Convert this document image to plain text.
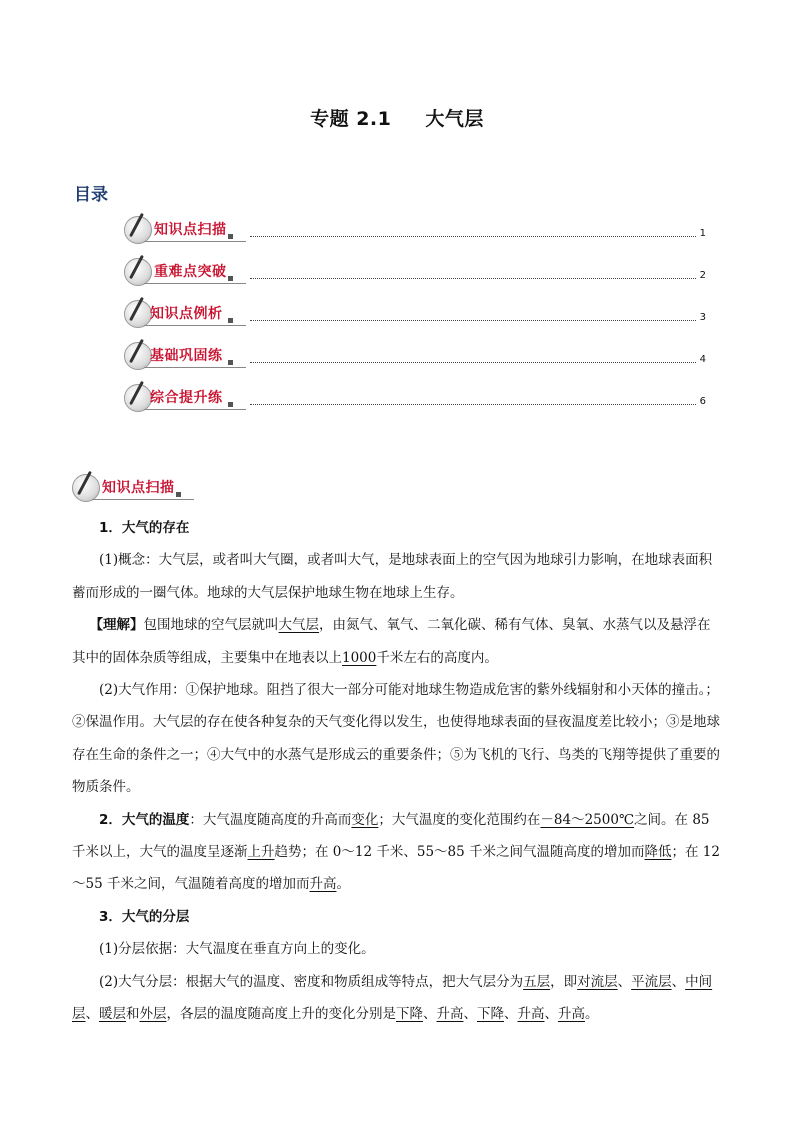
专题 2.1 大气层
目录
知识点扫描	1
重难点突破	2
知识点例析	3
基础巩固练	4
综合提升练	6
知识点扫描

1．大气的存在

(1)概念：大气层，或者叫大气圈，或者叫大气，是地球表面上的空气因为地球引力影响，在地球表面积蓄而形成的一圈气体。地球的大气层保护地球生物在地球上生存。

【理解】包围地球的空气层就叫大气层，由氮气、氧气、二氧化碳、稀有气体、臭氧、水蒸气以及悬浮在其中的固体杂质等组成，主要集中在地表以上1000千米左右的高度内。

(2)大气作用：①保护地球。阻挡了很大一部分可能对地球生物造成危害的紫外线辐射和小天体的撞击。；②保温作用。大气层的存在使各种复杂的天气变化得以发生，也使得地球表面的昼夜温度差比较小；③是地球存在生命的条件之一；④大气中的水蒸气是形成云的重要条件；⑤为飞机的飞行、鸟类的飞翔等提供了重要的物质条件。

2．大气的温度：大气温度随高度的升高而变化；大气温度的变化范围约在－84～2500℃之间。在 85 千米以上，大气的温度呈逐渐上升趋势；在 0～12 千米、55～85 千米之间气温随高度的增加而降低；在 12～55 千米之间，气温随着高度的增加而升高。

3．大气的分层

(1)分层依据：大气温度在垂直方向上的变化。

(2)大气分层：根据大气的温度、密度和物质组成等特点，把大气层分为五层，即对流层、平流层、中间层、暖层和外层，各层的温度随高度上升的变化分别是下降、升高、下降、升高、升高。
